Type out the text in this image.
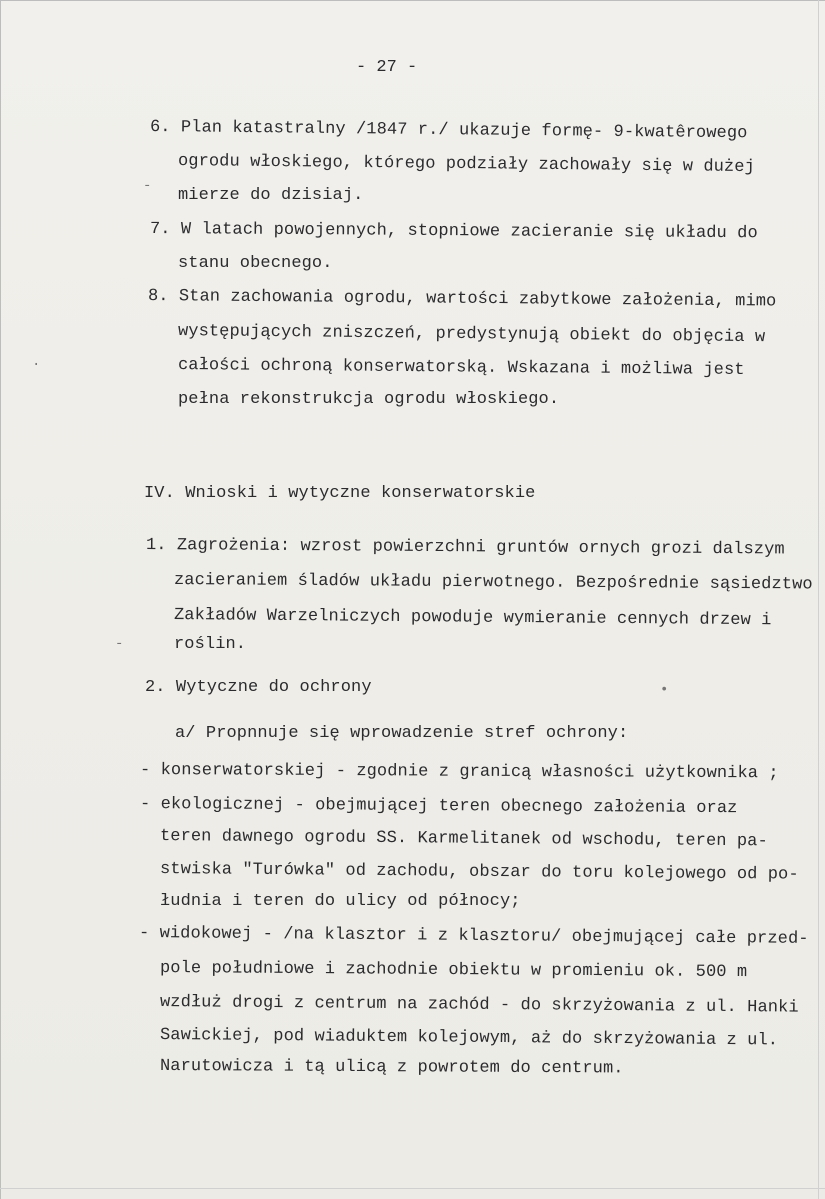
- 27 -
6. Plan katastralny /1847 r./ ukazuje formę- 9-kwatêrowego
ogrodu włoskiego, którego podziały zachowały się w dużej
mierze do dzisiaj.
-
7. W latach powojennych, stopniowe zacieranie się układu do
stanu obecnego.
8. Stan zachowania ogrodu, wartości zabytkowe założenia, mimo
występujących zniszczeń, predystynują obiekt do objęcia w
całości ochroną konserwatorską. Wskazana i możliwa jest
pełna rekonstrukcja ogrodu włoskiego.
·
IV. Wnioski i wytyczne konserwatorskie
1. Zagrożenia: wzrost powierzchni gruntów ornych grozi dalszym
zacieraniem śladów układu pierwotnego. Bezpośrednie sąsiedztwo
Zakładów Warzelniczych powoduje wymieranie cennych drzew i
roślin.
-
2. Wytyczne do ochrony	•
a/ Propnnuje się wprowadzenie stref ochrony:
- konserwatorskiej - zgodnie z granicą własności użytkownika ;
- ekologicznej - obejmującej teren obecnego założenia oraz
teren dawnego ogrodu SS. Karmelitanek od wschodu, teren pa-
stwiska "Turówka" od zachodu, obszar do toru kolejowego od po-
łudnia i teren do ulicy od północy;
- widokowej - /na klasztor i z klasztoru/ obejmującej całe przed-
pole południowe i zachodnie obiektu w promieniu ok. 500 m
wzdłuż drogi z centrum na zachód - do skrzyżowania z ul. Hanki
Sawickiej, pod wiaduktem kolejowym, aż do skrzyżowania z ul.
Narutowicza i tą ulicą z powrotem do centrum.
